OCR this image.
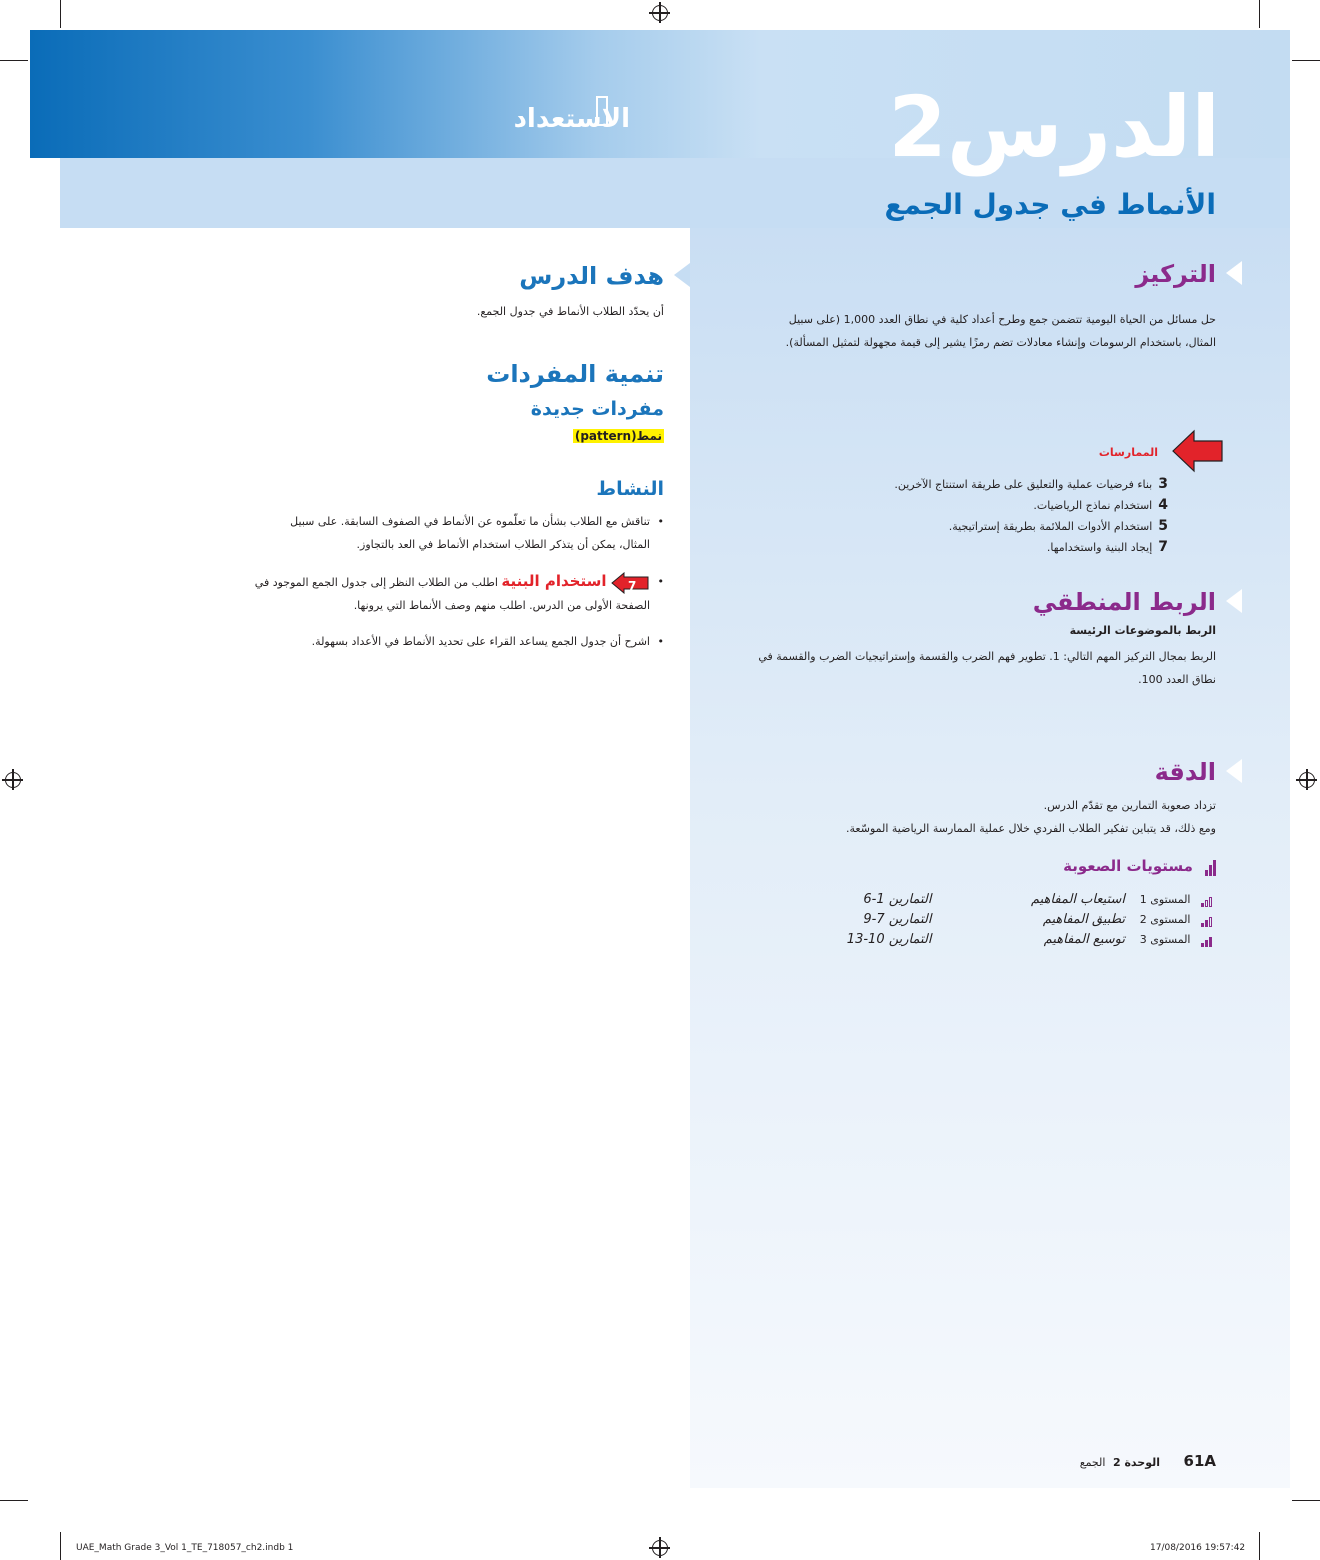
الاستعداد	الدرس2
الأنماط في جدول الجمع
هدف الدرس
أن يحدّد الطلاب الأنماط في جدول الجمع.
تنمية المفردات
مفردات جديدة
نمط(pattern)
النشاط
•
تناقش مع الطلاب بشأن ما تعلّموه عن الأنماط في الصفوف السابقة. على سبيل
المثال، يمكن أن يتذكر الطلاب استخدام الأنماط في العد بالتجاوز.
•
7
استخدام البنية اطلب من الطلاب النظر إلى جدول الجمع الموجود في
الصفحة الأولى من الدرس. اطلب منهم وصف الأنماط التي يرونها.
•
اشرح أن جدول الجمع يساعد القراء على تحديد الأنماط في الأعداد بسهولة.
التركيز
حل مسائل من الحياة اليومية تتضمن جمع وطرح أعداد كلية في نطاق العدد 1,000 (على سبيل
المثال، باستخدام الرسومات وإنشاء معادلات تضم رمزًا يشير إلى قيمة مجهولة لتمثيل المسألة).
الممارسات
3بناء فرضيات عملية والتعليق على طريقة استنتاج الآخرين.
4استخدام نماذج الرياضيات.
5استخدام الأدوات الملائمة بطريقة إستراتيجية.
7إيجاد البنية واستخدامها.
الربط المنطقي
الربط بالموضوعات الرئيسة
الربط بمجال التركيز المهم التالي: 1. تطوير فهم الضرب والقسمة وإستراتيجيات الضرب والقسمة في
نطاق العدد 100.
الدقة
تزداد صعوبة التمارين مع تقدّم الدرس.
ومع ذلك، قد يتباين تفكير الطلاب الفردي خلال عملية الممارسة الرياضية الموسّعة.
مستويات الصعوبة
المستوى 1 استيعاب المفاهيم التمارين 1-6
المستوى 2 تطبيق المفاهيم التمارين 7-9
المستوى 3 توسيع المفاهيم التمارين 10-13
61A الوحدة 2 الجمع
UAE_Math Grade 3_Vol 1_TE_718057_ch2.indb 1	17/08/2016 19:57:42
